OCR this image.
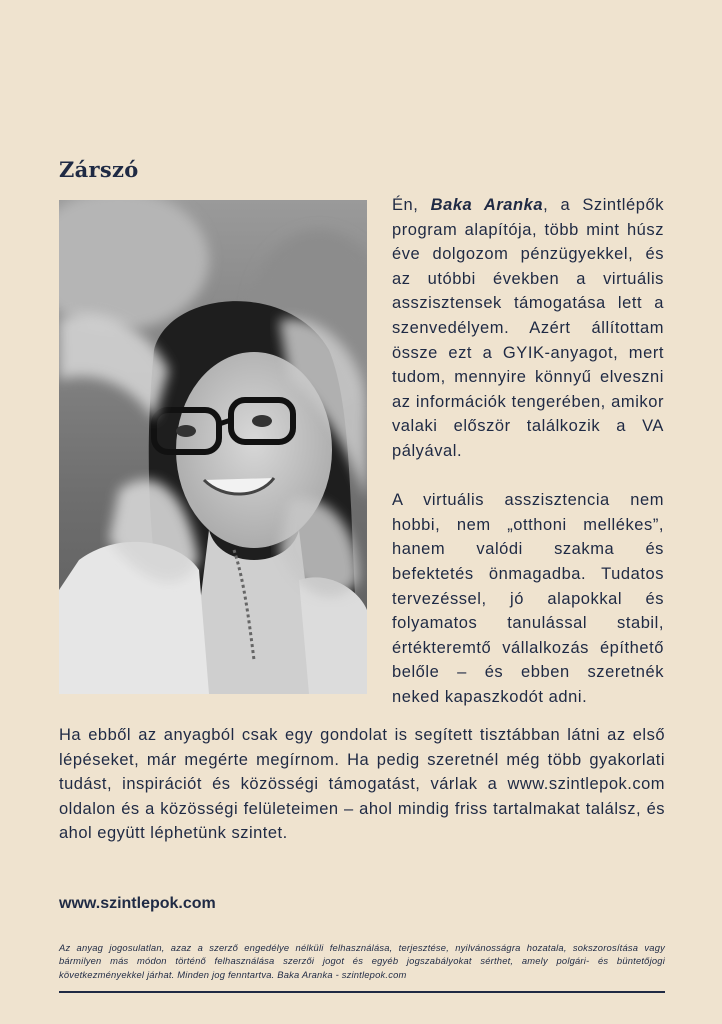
Zárszó

Én, Baka Aranka, a Szintlépők program alapítója, több mint húsz éve dolgozom pénzügyekkel, és az utóbbi években a virtuális asszisztensek támogatása lett a szenvedélyem. Azért állítottam össze ezt a GYIK-anyagot, mert tudom, mennyire könnyű elveszni az információk tengerében, amikor valaki először találkozik a VA pályával.

A virtuális asszisztencia nem hobbi, nem „otthoni mellékes”, hanem valódi szakma és befektetés önmagadba. Tudatos tervezéssel, jó alapokkal és folyamatos tanulással stabil, értékteremtő vállalkozás építhető belőle – és ebben szeretnék neked kapaszkodót adni.

Ha ebből az anyagból csak egy gondolat is segített tisztábban látni az első lépéseket, már megérte megírnom. Ha pedig szeretnél még több gyakorlati tudást, inspirációt és közösségi támogatást, várlak a www.szintlepok.com oldalon és a közösségi felületeimen – ahol mindig friss tartalmakat találsz, és ahol együtt léphetünk szintet.

www.szintlepok.com

Az anyag jogosulatlan, azaz a szerző engedélye nélküli felhasználása, terjesztése, nyilvánosságra hozatala, sokszorosítása vagy bármilyen más módon történő felhasználása szerzői jogot és egyéb jogszabályokat sérthet, amely polgári- és büntetőjogi következményekkel járhat. Minden jog fenntartva. Baka Aranka - szintlepok.com
